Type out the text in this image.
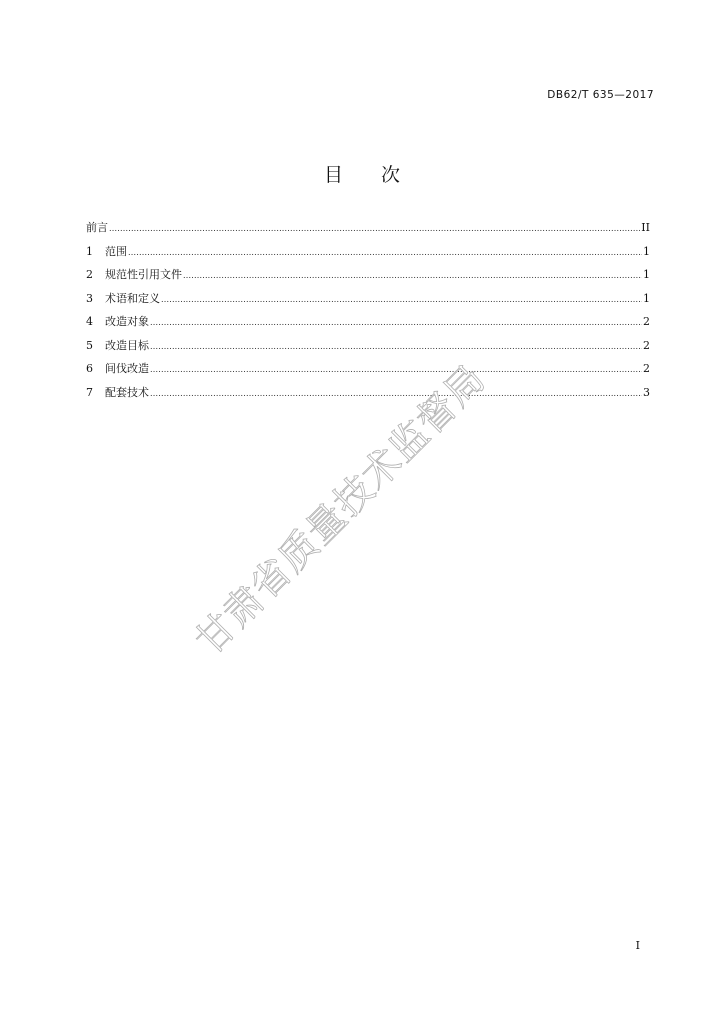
DB62/T 635—2017
目 次
前言 .....	II
1	范围 .....	1
2	规范性引用文件 .....	1
3	术语和定义 .....	1
4	改造对象 .....	2
5	改造目标 .....	2
6	间伐改造 .....	2
7	配套技术 .....	3
甘肃省质量技术监督局
I
